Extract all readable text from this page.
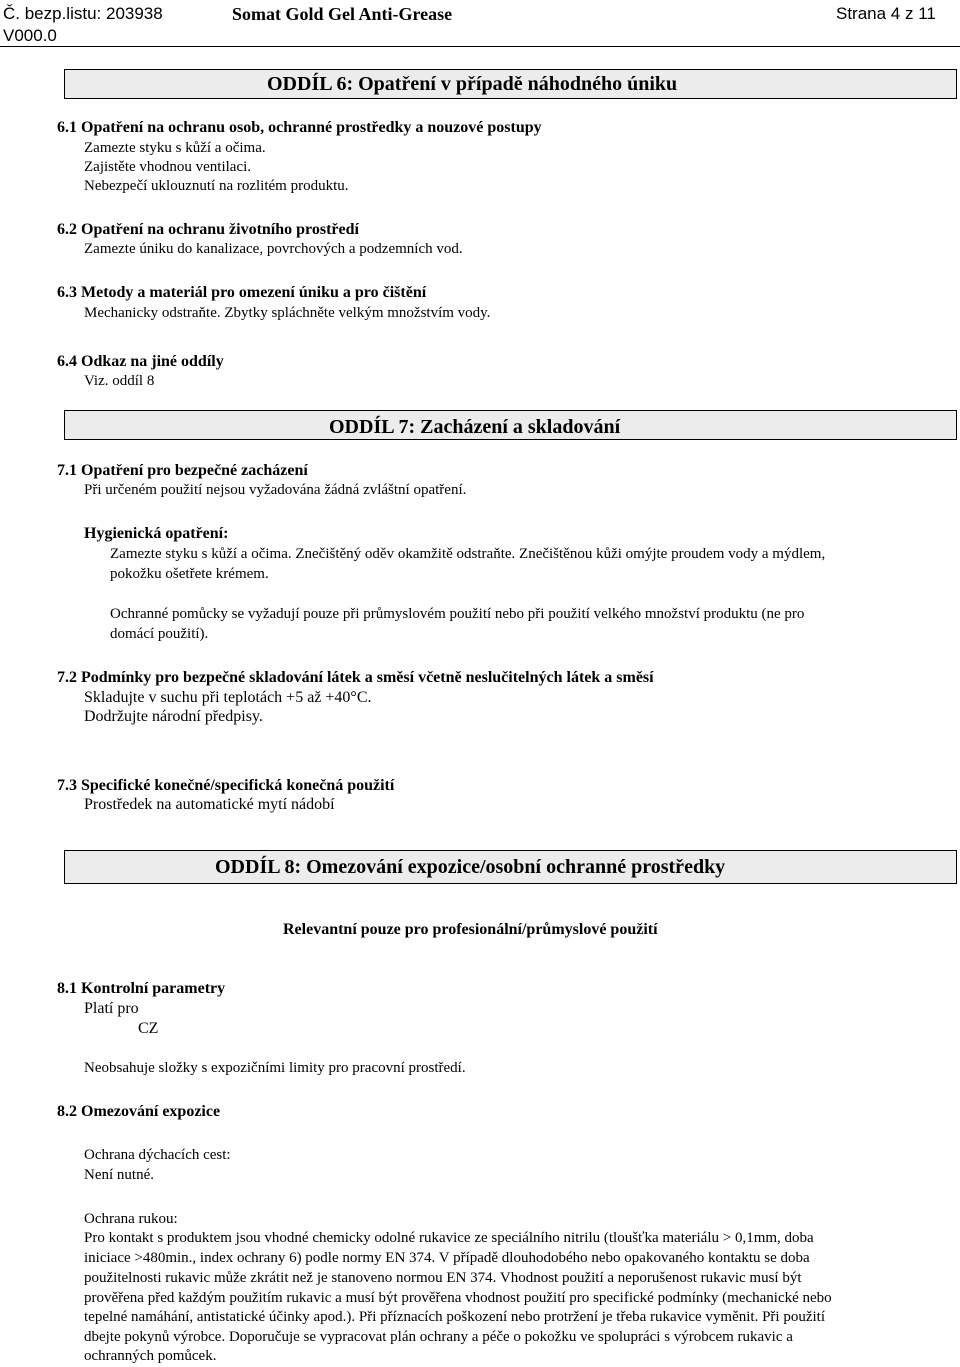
Č. bezp.listu: 203938
V000.0
Somat Gold Gel Anti-Grease	Strana 4 z 11
ODDÍL 6: Opatření v případě náhodného úniku
6.1 Opatření na ochranu osob, ochranné prostředky a nouzové postupy
Zamezte styku s kůží a očima.
Zajistěte vhodnou ventilaci.
Nebezpečí uklouznutí na rozlitém produktu.
6.2 Opatření na ochranu životního prostředí
Zamezte úniku do kanalizace, povrchových a podzemních vod.
6.3 Metody a materiál pro omezení úniku a pro čištění
Mechanicky odstraňte. Zbytky spláchněte velkým množstvím vody.
6.4 Odkaz na jiné oddíly
Viz. oddíl 8
ODDÍL 7: Zacházení a skladování
7.1 Opatření pro bezpečné zacházení
Při určeném použití nejsou vyžadována žádná zvláštní opatření.
Hygienická opatření:
Zamezte styku s kůží a očima. Znečištěný oděv okamžitě odstraňte. Znečištěnou kůži omýjte proudem vody a mýdlem,
pokožku ošetřete krémem.
Ochranné pomůcky se vyžadují pouze při průmyslovém použití nebo při použití velkého množství produktu (ne pro
domácí použití).
7.2 Podmínky pro bezpečné skladování látek a směsí včetně neslučitelných látek a směsí
Skladujte v suchu při teplotách +5 až +40°C.
Dodržujte národní předpisy.
7.3 Specifické konečné/specifická konečná použití
Prostředek na automatické mytí nádobí
ODDÍL 8: Omezování expozice/osobní ochranné prostředky
Relevantní pouze pro profesionální/průmyslové použití
8.1 Kontrolní parametry
Platí pro
CZ
Neobsahuje složky s expozičními limity pro pracovní prostředí.
8.2 Omezování expozice
Ochrana dýchacích cest:
Není nutné.
Ochrana rukou:
Pro kontakt s produktem jsou vhodné chemicky odolné rukavice ze speciálního nitrilu (tloušťka materiálu > 0,1mm, doba
iniciace >480min., index ochrany 6) podle normy EN 374. V případě dlouhodobého nebo opakovaného kontaktu se doba
použitelnosti rukavic může zkrátit než je stanoveno normou EN 374. Vhodnost použití a neporušenost rukavic musí být
prověřena před každým použitím rukavic a musí být prověřena vhodnost použití pro specifické podmínky (mechanické nebo
tepelné namáhání, antistatické účinky apod.). Při příznacích poškození nebo protržení je třeba rukavice vyměnit. Při použití
dbejte pokynů výrobce. Doporučuje se vypracovat plán ochrany a péče o pokožku ve spolupráci s výrobcem rukavic a
ochranných pomůcek.
